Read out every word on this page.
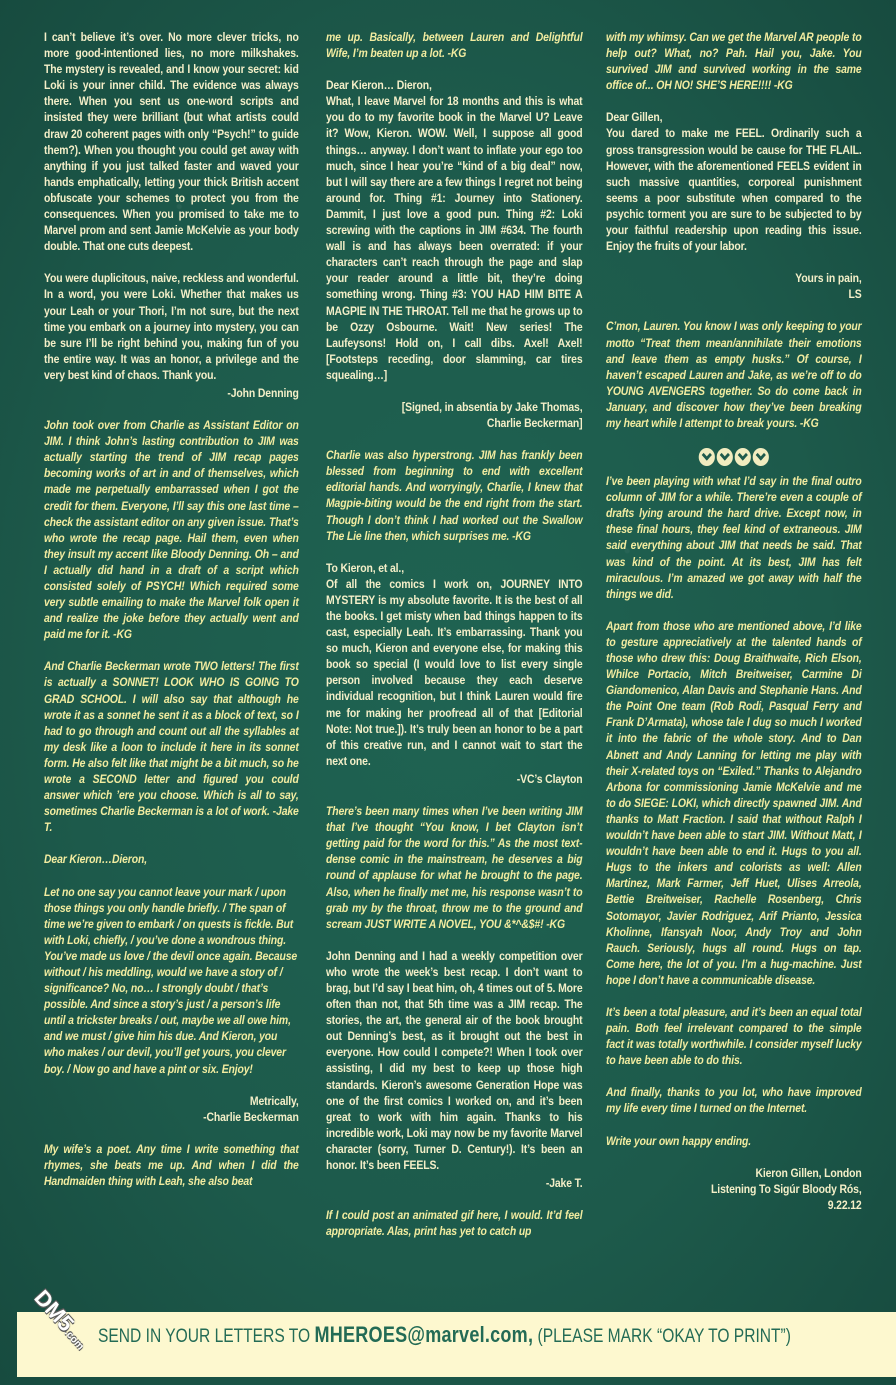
I can’t believe it’s over. No more clever tricks, no more good-intentioned lies, no more milkshakes. The mystery is revealed, and I know your secret: kid Loki is your inner child. The evidence was always there. When you sent us one-word scripts and insisted they were brilliant (but what artists could draw 20 coherent pages with only “Psych!” to guide them?). When you thought you could get away with anything if you just talked faster and waved your hands emphatically, letting your thick British accent obfuscate your schemes to protect you from the consequences. When you promised to take me to Marvel prom and sent Jamie McKelvie as your body double. That one cuts deepest.

You were duplicitous, naive, reckless and wonderful. In a word, you were Loki. Whether that makes us your Leah or your Thori, I’m not sure, but the next time you embark on a journey into mystery, you can be sure I’ll be right behind you, making fun of you the entire way. It was an honor, a privilege and the very best kind of chaos. Thank you.

-John Denning

John took over from Charlie as Assistant Editor on JIM. I think John’s lasting contribution to JIM was actually starting the trend of JIM recap pages becoming works of art in and of themselves, which made me perpetually embarrassed when I got the credit for them. Everyone, I’ll say this one last time – check the assistant editor on any given issue. That’s who wrote the recap page. Hail them, even when they insult my accent like Bloody Denning. Oh – and I actually did hand in a draft of a script which consisted solely of PSYCH! Which required some very subtle emailing to make the Marvel folk open it and realize the joke before they actually went and paid me for it. -KG

And Charlie Beckerman wrote TWO letters! The first is actually a SONNET! LOOK WHO IS GOING TO GRAD SCHOOL. I will also say that although he wrote it as a sonnet he sent it as a block of text, so I had to go through and count out all the syllables at my desk like a loon to include it here in its sonnet form. He also felt like that might be a bit much, so he wrote a SECOND letter and figured you could answer which ’ere you choose. Which is all to say, sometimes Charlie Beckerman is a lot of work. -Jake T.

Dear Kieron…Dieron,

Let no one say you cannot leave your mark / upon those things you only handle briefly. / The span of time we’re given to embark / on quests is fickle. But with Loki, chiefly, / you’ve done a wondrous thing. You’ve made us love / the devil once again. Because without / his meddling, would we have a story of / significance? No, no… I strongly doubt / that’s possible. And since a story’s just / a person’s life until a trickster breaks / out, maybe we all owe him, and we must / give him his due. And Kieron, you who makes / our devil, you’ll get yours, you clever boy. / Now go and have a pint or six. Enjoy!

Metrically,

-Charlie Beckerman

My wife’s a poet. Any time I write something that rhymes, she beats me up. And when I did the Handmaiden thing with Leah, she also beat

me up. Basically, between Lauren and Delightful Wife, I’m beaten up a lot. -KG

Dear Kieron… Dieron,

What, I leave Marvel for 18 months and this is what you do to my favorite book in the Marvel U? Leave it? Wow, Kieron. WOW. Well, I suppose all good things… anyway. I don’t want to inflate your ego too much, since I hear you’re “kind of a big deal” now, but I will say there are a few things I regret not being around for. Thing #1: Journey into Stationery. Dammit, I just love a good pun. Thing #2: Loki screwing with the captions in JIM #634. The fourth wall is and has always been overrated: if your characters can’t reach through the page and slap your reader around a little bit, they’re doing something wrong. Thing #3: YOU HAD HIM BITE A MAGPIE IN THE THROAT. Tell me that he grows up to be Ozzy Osbourne. Wait! New series! The Laufeysons! Hold on, I call dibs. Axel! Axel! [Footsteps receding, door slamming, car tires squealing…]

[Signed, in absentia by Jake Thomas,

Charlie Beckerman]

Charlie was also hyperstrong. JIM has frankly been blessed from beginning to end with excellent editorial hands. And worryingly, Charlie, I knew that Magpie-biting would be the end right from the start. Though I don’t think I had worked out the Swallow The Lie line then, which surprises me. -KG

To Kieron, et al.,

Of all the comics I work on, JOURNEY INTO MYSTERY is my absolute favorite. It is the best of all the books. I get misty when bad things happen to its cast, especially Leah. It’s embarrassing. Thank you so much, Kieron and everyone else, for making this book so special (I would love to list every single person involved because they each deserve individual recognition, but I think Lauren would fire me for making her proofread all of that [Editorial Note: Not true.]). It’s truly been an honor to be a part of this creative run, and I cannot wait to start the next one.

-VC’s Clayton

There’s been many times when I’ve been writing JIM that I’ve thought “You know, I bet Clayton isn’t getting paid for the word for this.” As the most text-dense comic in the mainstream, he deserves a big round of applause for what he brought to the page. Also, when he finally met me, his response wasn’t to grab my by the throat, throw me to the ground and scream JUST WRITE A NOVEL, YOU &*^&$#! -KG

John Denning and I had a weekly competition over who wrote the week’s best recap. I don’t want to brag, but I’d say I beat him, oh, 4 times out of 5. More often than not, that 5th time was a JIM recap. The stories, the art, the general air of the book brought out Denning’s best, as it brought out the best in everyone. How could I compete?! When I took over assisting, I did my best to keep up those high standards. Kieron’s awesome Generation Hope was one of the first comics I worked on, and it’s been great to work with him again. Thanks to his incredible work, Loki may now be my favorite Marvel character (sorry, Turner D. Century!). It’s been an honor. It’s been FEELS.

-Jake T.

If I could post an animated gif here, I would. It’d feel appropriate. Alas, print has yet to catch up

with my whimsy. Can we get the Marvel AR people to help out? What, no? Pah. Hail you, Jake. You survived JIM and survived working in the same office of... OH NO! SHE’S HERE!!!! -KG

Dear Gillen,

You dared to make me FEEL. Ordinarily such a gross transgression would be cause for THE FLAIL. However, with the aforementioned FEELS evident in such massive quantities, corporeal punishment seems a poor substitute when compared to the psychic torment you are sure to be subjected to by your faithful readership upon reading this issue. Enjoy the fruits of your labor.

Yours in pain,

LS

C’mon, Lauren. You know I was only keeping to your motto “Treat them mean/annihilate their emotions and leave them as empty husks.” Of course, I haven’t escaped Lauren and Jake, as we’re off to do YOUNG AVENGERS together. So do come back in January, and discover how they’ve been breaking my heart while I attempt to break yours. -KG

I’ve been playing with what I’d say in the final outro column of JIM for a while. There’re even a couple of drafts lying around the hard drive. Except now, in these final hours, they feel kind of extraneous. JIM said everything about JIM that needs be said. That was kind of the point. At its best, JIM has felt miraculous. I’m amazed we got away with half the things we did.

Apart from those who are mentioned above, I’d like to gesture appreciatively at the talented hands of those who drew this: Doug Braithwaite, Rich Elson, Whilce Portacio, Mitch Breitweiser, Carmine Di Giandomenico, Alan Davis and Stephanie Hans. And the Point One team (Rob Rodi, Pasqual Ferry and Frank D’Armata), whose tale I dug so much I worked it into the fabric of the whole story. And to Dan Abnett and Andy Lanning for letting me play with their X-related toys on “Exiled.” Thanks to Alejandro Arbona for commissioning Jamie McKelvie and me to do SIEGE: LOKI, which directly spawned JIM. And thanks to Matt Fraction. I said that without Ralph I wouldn’t have been able to start JIM. Without Matt, I wouldn’t have been able to end it. Hugs to you all. Hugs to the inkers and colorists as well: Allen Martinez, Mark Farmer, Jeff Huet, Ulises Arreola, Bettie Breitweiser, Rachelle Rosenberg, Chris Sotomayor, Javier Rodriguez, Arif Prianto, Jessica Kholinne, Ifansyah Noor, Andy Troy and John Rauch. Seriously, hugs all round. Hugs on tap. Come here, the lot of you. I’m a hug-machine. Just hope I don’t have a communicable disease.

It’s been a total pleasure, and it’s been an equal total pain. Both feel irrelevant compared to the simple fact it was totally worthwhile. I consider myself lucky to have been able to do this.

And finally, thanks to you lot, who have improved my life every time I turned on the Internet.

Write your own happy ending.

Kieron Gillen, London

Listening To Sigúr Bloody Rós,

9.22.12

SEND IN YOUR LETTERS TO MHEROES@marvel.com, (PLEASE MARK “OKAY TO PRINT”)
DM5.com
